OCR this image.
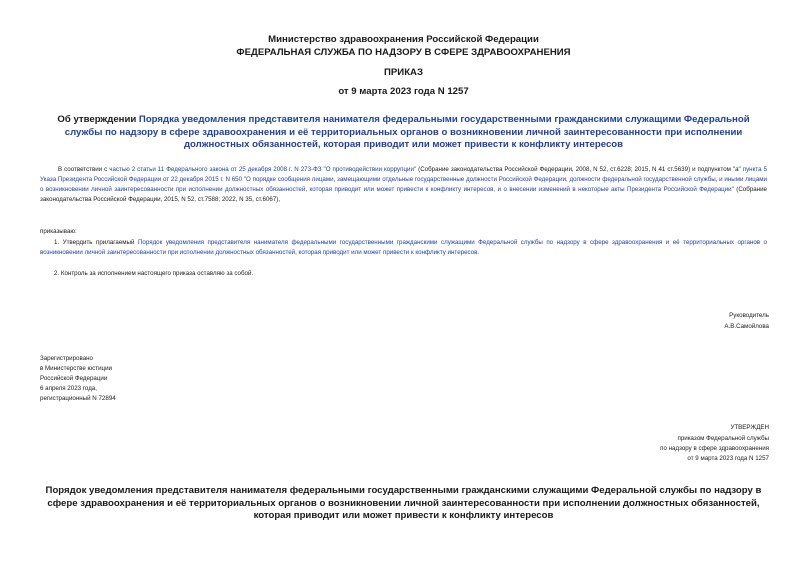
Министерство здравоохранения Российской Федерации
ФЕДЕРАЛЬНАЯ СЛУЖБА ПО НАДЗОРУ В СФЕРЕ ЗДРАВООХРАНЕНИЯ
ПРИКАЗ
от 9 марта 2023 года N 1257
Об утверждении Порядка уведомления представителя нанимателя федеральными государственными гражданскими служащими Федеральной службы по надзору в сфере здравоохранения и её территориальных органов о возникновении личной заинтересованности при исполнении должностных обязанностей, которая приводит или может привести к конфликту интересов
В соответствии с частью 2 статьи 11 Федерального закона от 25 декабря 2008 г. N 273-ФЗ "О противодействии коррупции" (Собрание законодательства Российской Федерации, 2008, N 52, ст.6228; 2015, N 41 ст.5639) и подпунктом "а" пункта 5 Указа Президента Российской Федерации от 22 декабря 2015 г. N 650 "О порядке сообщения лицами, замещающими отдельные государственные должности Российской Федерации, должности федеральной государственной службы, и иными лицами о возникновении личной заинтересованности при исполнении должностных обязанностей, которая приводит или может привести к конфликту интересов, и о внесении изменений в некоторые акты Президента Российской Федерации" (Собрание законодательства Российской Федерации, 2015, N 52, ст.7588; 2022, N 35, ст.6067),
приказываю:
1. Утвердить прилагаемый Порядок уведомления представителя нанимателя федеральными государственными гражданскими служащими Федеральной службы по надзору в сфере здравоохранения и её территориальных органов о возникновении личной заинтересованности при исполнении должностных обязанностей, которая приводит или может привести к конфликту интересов.
2. Контроль за исполнением настоящего приказа оставляю за собой.
Руководитель
А.В.Самойлова
Зарегистрировано
в Министерстве юстиции
Российской Федерации
6 апреля 2023 года,
регистрационный N 72894
УТВЕРЖДЕН
приказом Федеральной службы
по надзору в сфере здравоохранения
от 9 марта 2023 года N 1257
Порядок уведомления представителя нанимателя федеральными государственными гражданскими служащими Федеральной службы по надзору в сфере здравоохранения и её территориальных органов о возникновении личной заинтересованности при исполнении должностных обязанностей, которая приводит или может привести к конфликту интересов
